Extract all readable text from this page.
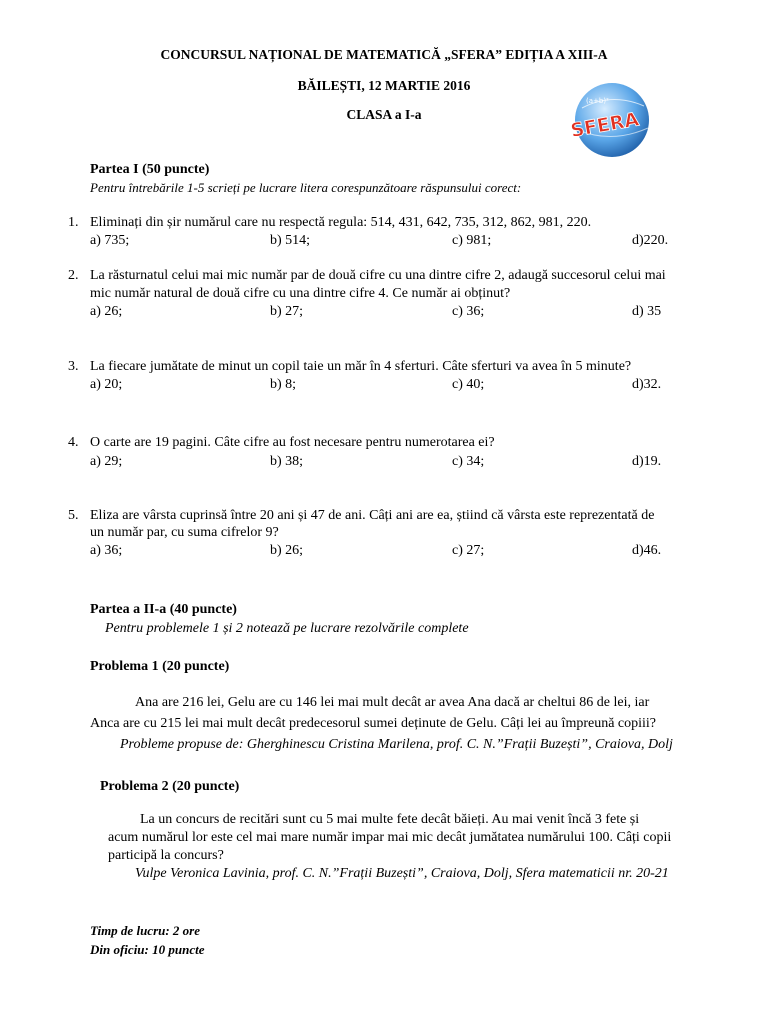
CONCURSUL NAȚIONAL DE MATEMATICĂ „SFERA” EDIȚIA A XIII-A
BĂILEȘTI, 12 MARTIE 2016
CLASA a I-a
(a+b)²
SFERA
Partea I (50 puncte)
Pentru întrebările 1-5 scrieți pe lucrare litera corespunzătoare răspunsului corect:
1. Eliminați din șir numărul care nu respectă regula: 514, 431, 642, 735, 312, 862, 981, 220.
a) 735;	b) 514;	c) 981;	d)220.
2. La răsturnatul celui mai mic număr par de două cifre cu una dintre cifre 2, adaugă succesorul celui mai
mic număr natural de două cifre cu una dintre cifre 4. Ce număr ai obținut?
a) 26;	b) 27;	c) 36;	d) 35
3. La fiecare jumătate de minut un copil taie un măr în 4 sferturi. Câte sferturi va avea în 5 minute?
a) 20;	b) 8;	c) 40;	d)32.
4. O carte are 19 pagini. Câte cifre au fost necesare pentru numerotarea ei?
a) 29;	b) 38;	c) 34;	d)19.
5. Eliza are vârsta cuprinsă între 20 ani și 47 de ani. Câți ani are ea, știind că vârsta este reprezentată de
un număr par, cu suma cifrelor 9?
a) 36;	b) 26;	c) 27;	d)46.
Partea a II-a (40 puncte)
Pentru problemele 1 și 2 notează pe lucrare rezolvările complete
Problema 1 (20 puncte)
Ana are 216 lei, Gelu are cu 146 lei mai mult decât ar avea Ana dacă ar cheltui 86 de lei, iar
Anca are cu 215 lei mai mult decât predecesorul sumei deținute de Gelu. Câți lei au împreună copiii?
Probleme propuse de: Gherghinescu Cristina Marilena, prof. C. N.”Frații Buzești”, Craiova, Dolj
Problema 2 (20 puncte)
La un concurs de recitări sunt cu 5 mai multe fete decât băieți. Au mai venit încă 3 fete și
acum numărul lor este cel mai mare număr impar mai mic decât jumătatea numărului 100. Câți copii
participă la concurs?
Vulpe Veronica Lavinia, prof. C. N.”Frații Buzești”, Craiova, Dolj, Sfera matematicii nr. 20-21
Timp de lucru: 2 ore
Din oficiu: 10 puncte
